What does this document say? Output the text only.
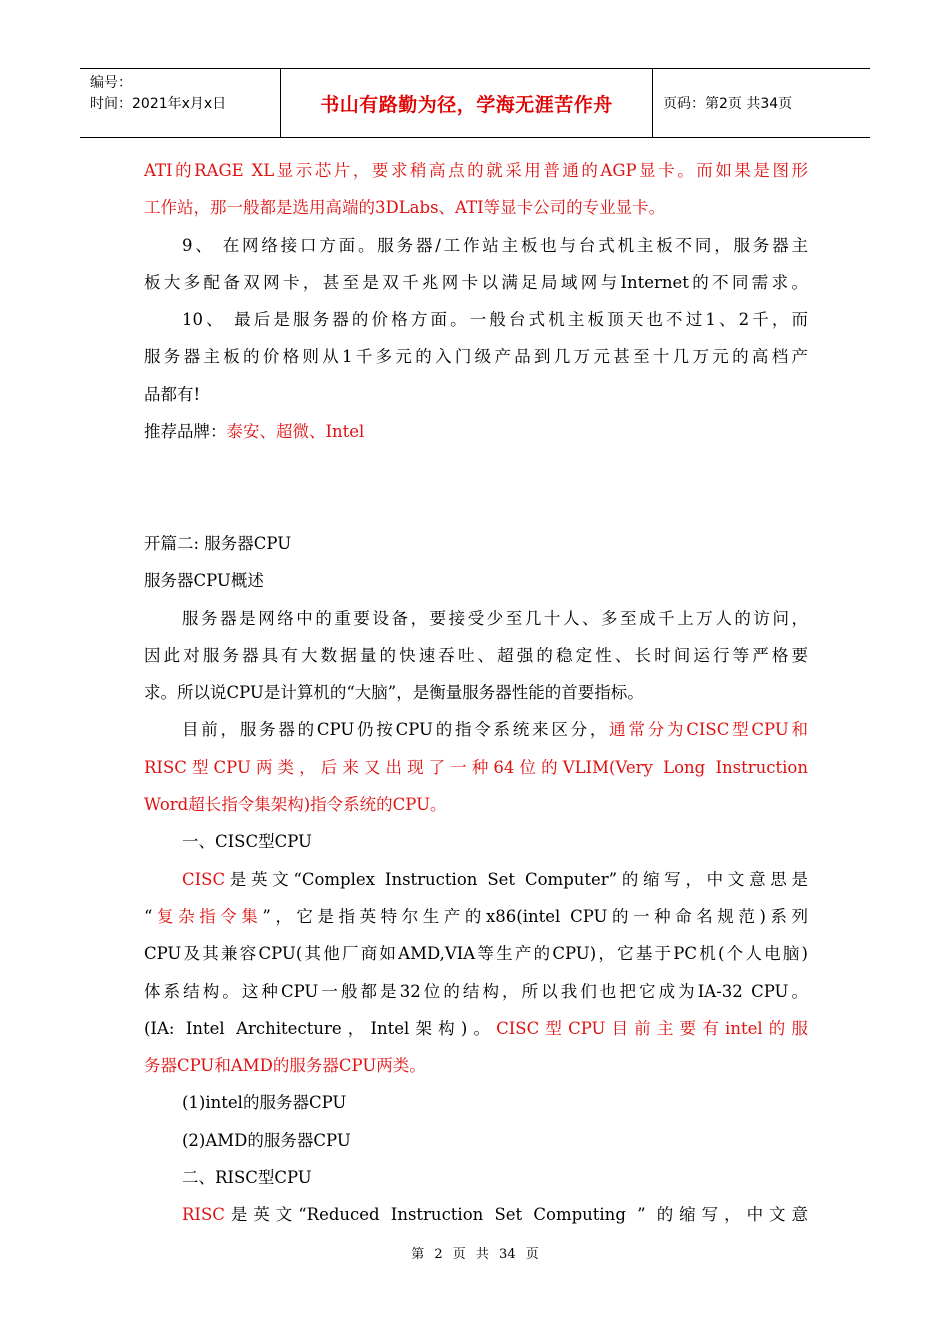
编号：
时间：2021年x月x日	书山有路勤为径，学海无涯苦作舟	页码：第2页 共34页
ATI的RAGE XL显示芯片，要求稍高点的就采用普通的AGP显卡。而如果是图形
工作站，那一般都是选用高端的3DLabs、ATI等显卡公司的专业显卡。
9、 在网络接口方面。服务器/工作站主板也与台式机主板不同，服务器主
板大多配备双网卡，甚至是双千兆网卡以满足局域网与Internet的不同需求。
10、 最后是服务器的价格方面。一般台式机主板顶天也不过1、2千，而
服务器主板的价格则从1千多元的入门级产品到几万元甚至十几万元的高档产
品都有!
推荐品牌：泰安、超微、Intel
开篇二: 服务器CPU
服务器CPU概述
服务器是网络中的重要设备，要接受少至几十人、多至成千上万人的访问，
因此对服务器具有大数据量的快速吞吐、超强的稳定性、长时间运行等严格要
求。所以说CPU是计算机的“大脑”，是衡量服务器性能的首要指标。
目前，服务器的CPU仍按CPU的指令系统来区分，通常分为CISC型CPU和
RISC型CPU两类，后来又出现了一种64位的VLIM(Very Long Instruction
Word超长指令集架构)指令系统的CPU。
一、CISC型CPU
CISC是英文“Complex Instruction Set Computer”的缩写，中文意思是
“复杂指令集”，它是指英特尔生产的x86(intel CPU的一种命名规范)系列
CPU及其兼容CPU(其他厂商如AMD,VIA等生产的CPU)，它基于PC机(个人电脑)
体系结构。这种CPU一般都是32位的结构，所以我们也把它成为IA-32 CPU。
(IA: Intel Architecture，Intel架构)。CISC型CPU目前主要有intel的服
务器CPU和AMD的服务器CPU两类。
(1)intel的服务器CPU
(2)AMD的服务器CPU
二、RISC型CPU
RISC是英文“Reduced Instruction Set Computing ” 的缩写，中文意
第 2 页 共 34 页
